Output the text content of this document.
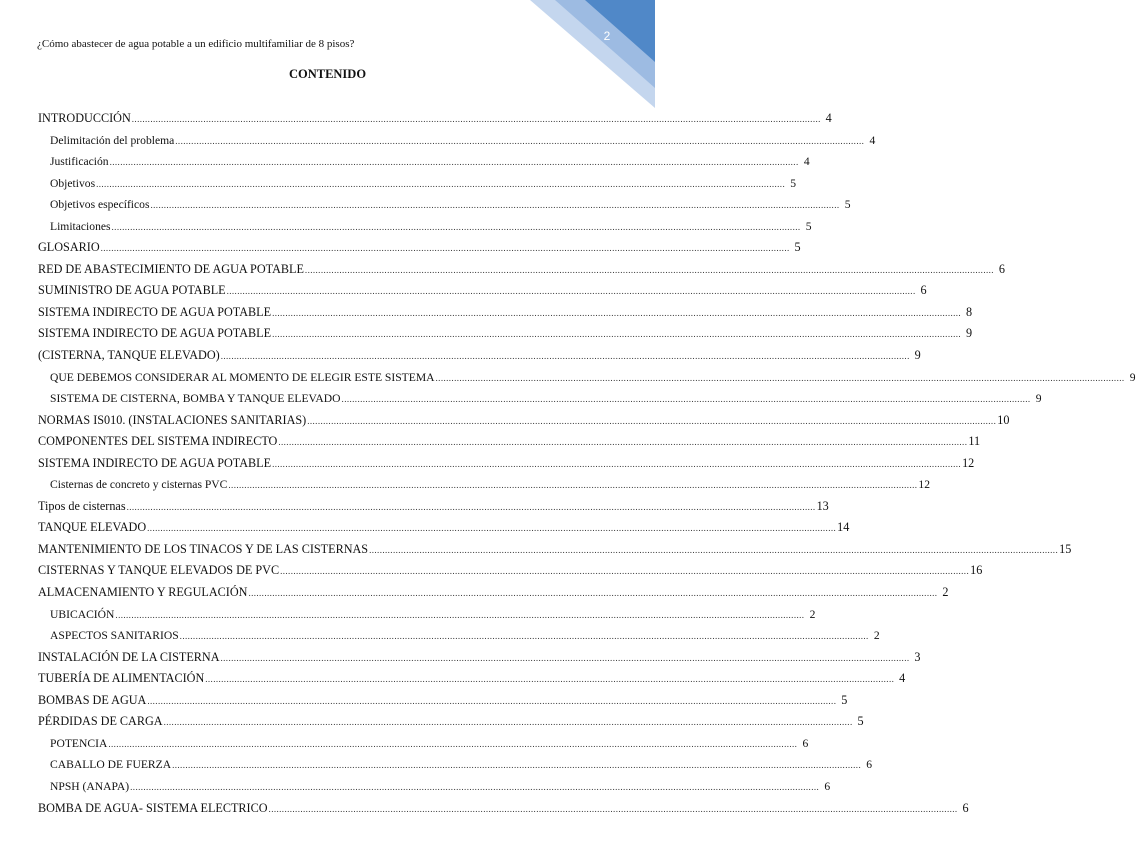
2
¿Cómo abastecer de agua potable a un edificio multifamiliar de 8 pisos?
CONTENIDO
INTRODUCCIÓN .................................................................................................................................................................................................................................................................... 4
Delimitación del problema .................................................................................................................................................................................................................................................................... 4
Justificación .................................................................................................................................................................................................................................................................... 4
Objetivos .................................................................................................................................................................................................................................................................... 5
Objetivos específicos .................................................................................................................................................................................................................................................................... 5
Limitaciones .................................................................................................................................................................................................................................................................... 5
GLOSARIO .................................................................................................................................................................................................................................................................... 5
RED DE ABASTECIMIENTO DE AGUA POTABLE .................................................................................................................................................................................................................................................................... 6
SUMINISTRO DE AGUA POTABLE .................................................................................................................................................................................................................................................................... 6
SISTEMA INDIRECTO DE AGUA POTABLE .................................................................................................................................................................................................................................................................... 8
SISTEMA INDIRECTO DE AGUA POTABLE .................................................................................................................................................................................................................................................................... 9
(CISTERNA, TANQUE ELEVADO) .................................................................................................................................................................................................................................................................... 9
QUE DEBEMOS CONSIDERAR AL MOMENTO DE ELEGIR ESTE SISTEMA .................................................................................................................................................................................................................................................................... 9
SISTEMA DE CISTERNA, BOMBA Y TANQUE ELEVADO .................................................................................................................................................................................................................................................................... 9
NORMAS IS010. (INSTALACIONES SANITARIAS) .................................................................................................................................................................................................................................................................... 10
COMPONENTES DEL SISTEMA INDIRECTO .................................................................................................................................................................................................................................................................... 11
SISTEMA INDIRECTO DE AGUA POTABLE .................................................................................................................................................................................................................................................................... 12
Cisternas de concreto y cisternas PVC .................................................................................................................................................................................................................................................................... 12
Tipos de cisternas .................................................................................................................................................................................................................................................................... 13
TANQUE ELEVADO .................................................................................................................................................................................................................................................................... 14
MANTENIMIENTO DE LOS TINACOS Y DE LAS CISTERNAS .................................................................................................................................................................................................................................................................... 15
CISTERNAS Y TANQUE ELEVADOS DE PVC .................................................................................................................................................................................................................................................................... 16
ALMACENAMIENTO Y REGULACIÓN .................................................................................................................................................................................................................................................................... 2
UBICACIÓN .................................................................................................................................................................................................................................................................... 2
ASPECTOS SANITARIOS .................................................................................................................................................................................................................................................................... 2
INSTALACIÓN DE LA CISTERNA .................................................................................................................................................................................................................................................................... 3
TUBERÍA DE ALIMENTACIÓN .................................................................................................................................................................................................................................................................... 4
BOMBAS DE AGUA .................................................................................................................................................................................................................................................................... 5
PÉRDIDAS DE CARGA .................................................................................................................................................................................................................................................................... 5
POTENCIA .................................................................................................................................................................................................................................................................... 6
CABALLO DE FUERZA .................................................................................................................................................................................................................................................................... 6
NPSH (ANAPA) .................................................................................................................................................................................................................................................................... 6
BOMBA DE AGUA- SISTEMA ELECTRICO .................................................................................................................................................................................................................................................................... 6
